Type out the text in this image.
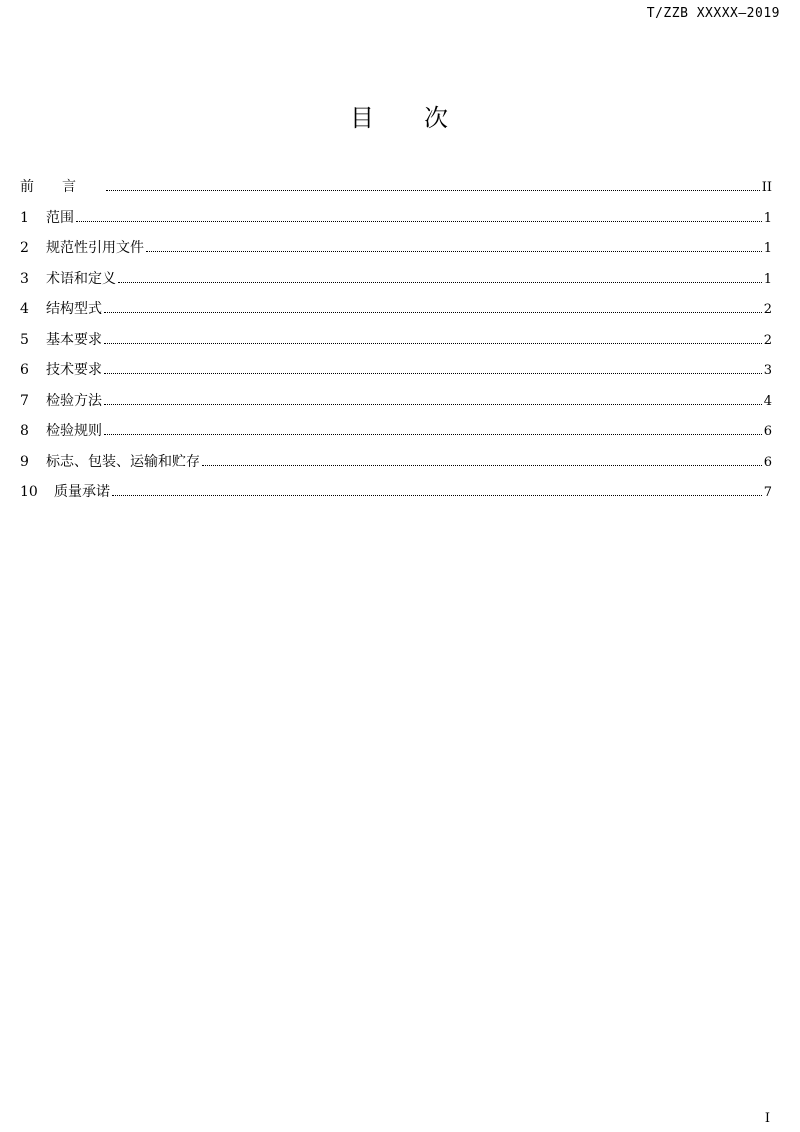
T/ZZB XXXXX—2019
目 次
前言	II
1	范围	1
2	规范性引用文件	1
3	术语和定义	1
4	结构型式	2
5	基本要求	2
6	技术要求	3
7	检验方法	4
8	检验规则	6
9	标志、包装、运输和贮存	6
10	质量承诺	7
I
